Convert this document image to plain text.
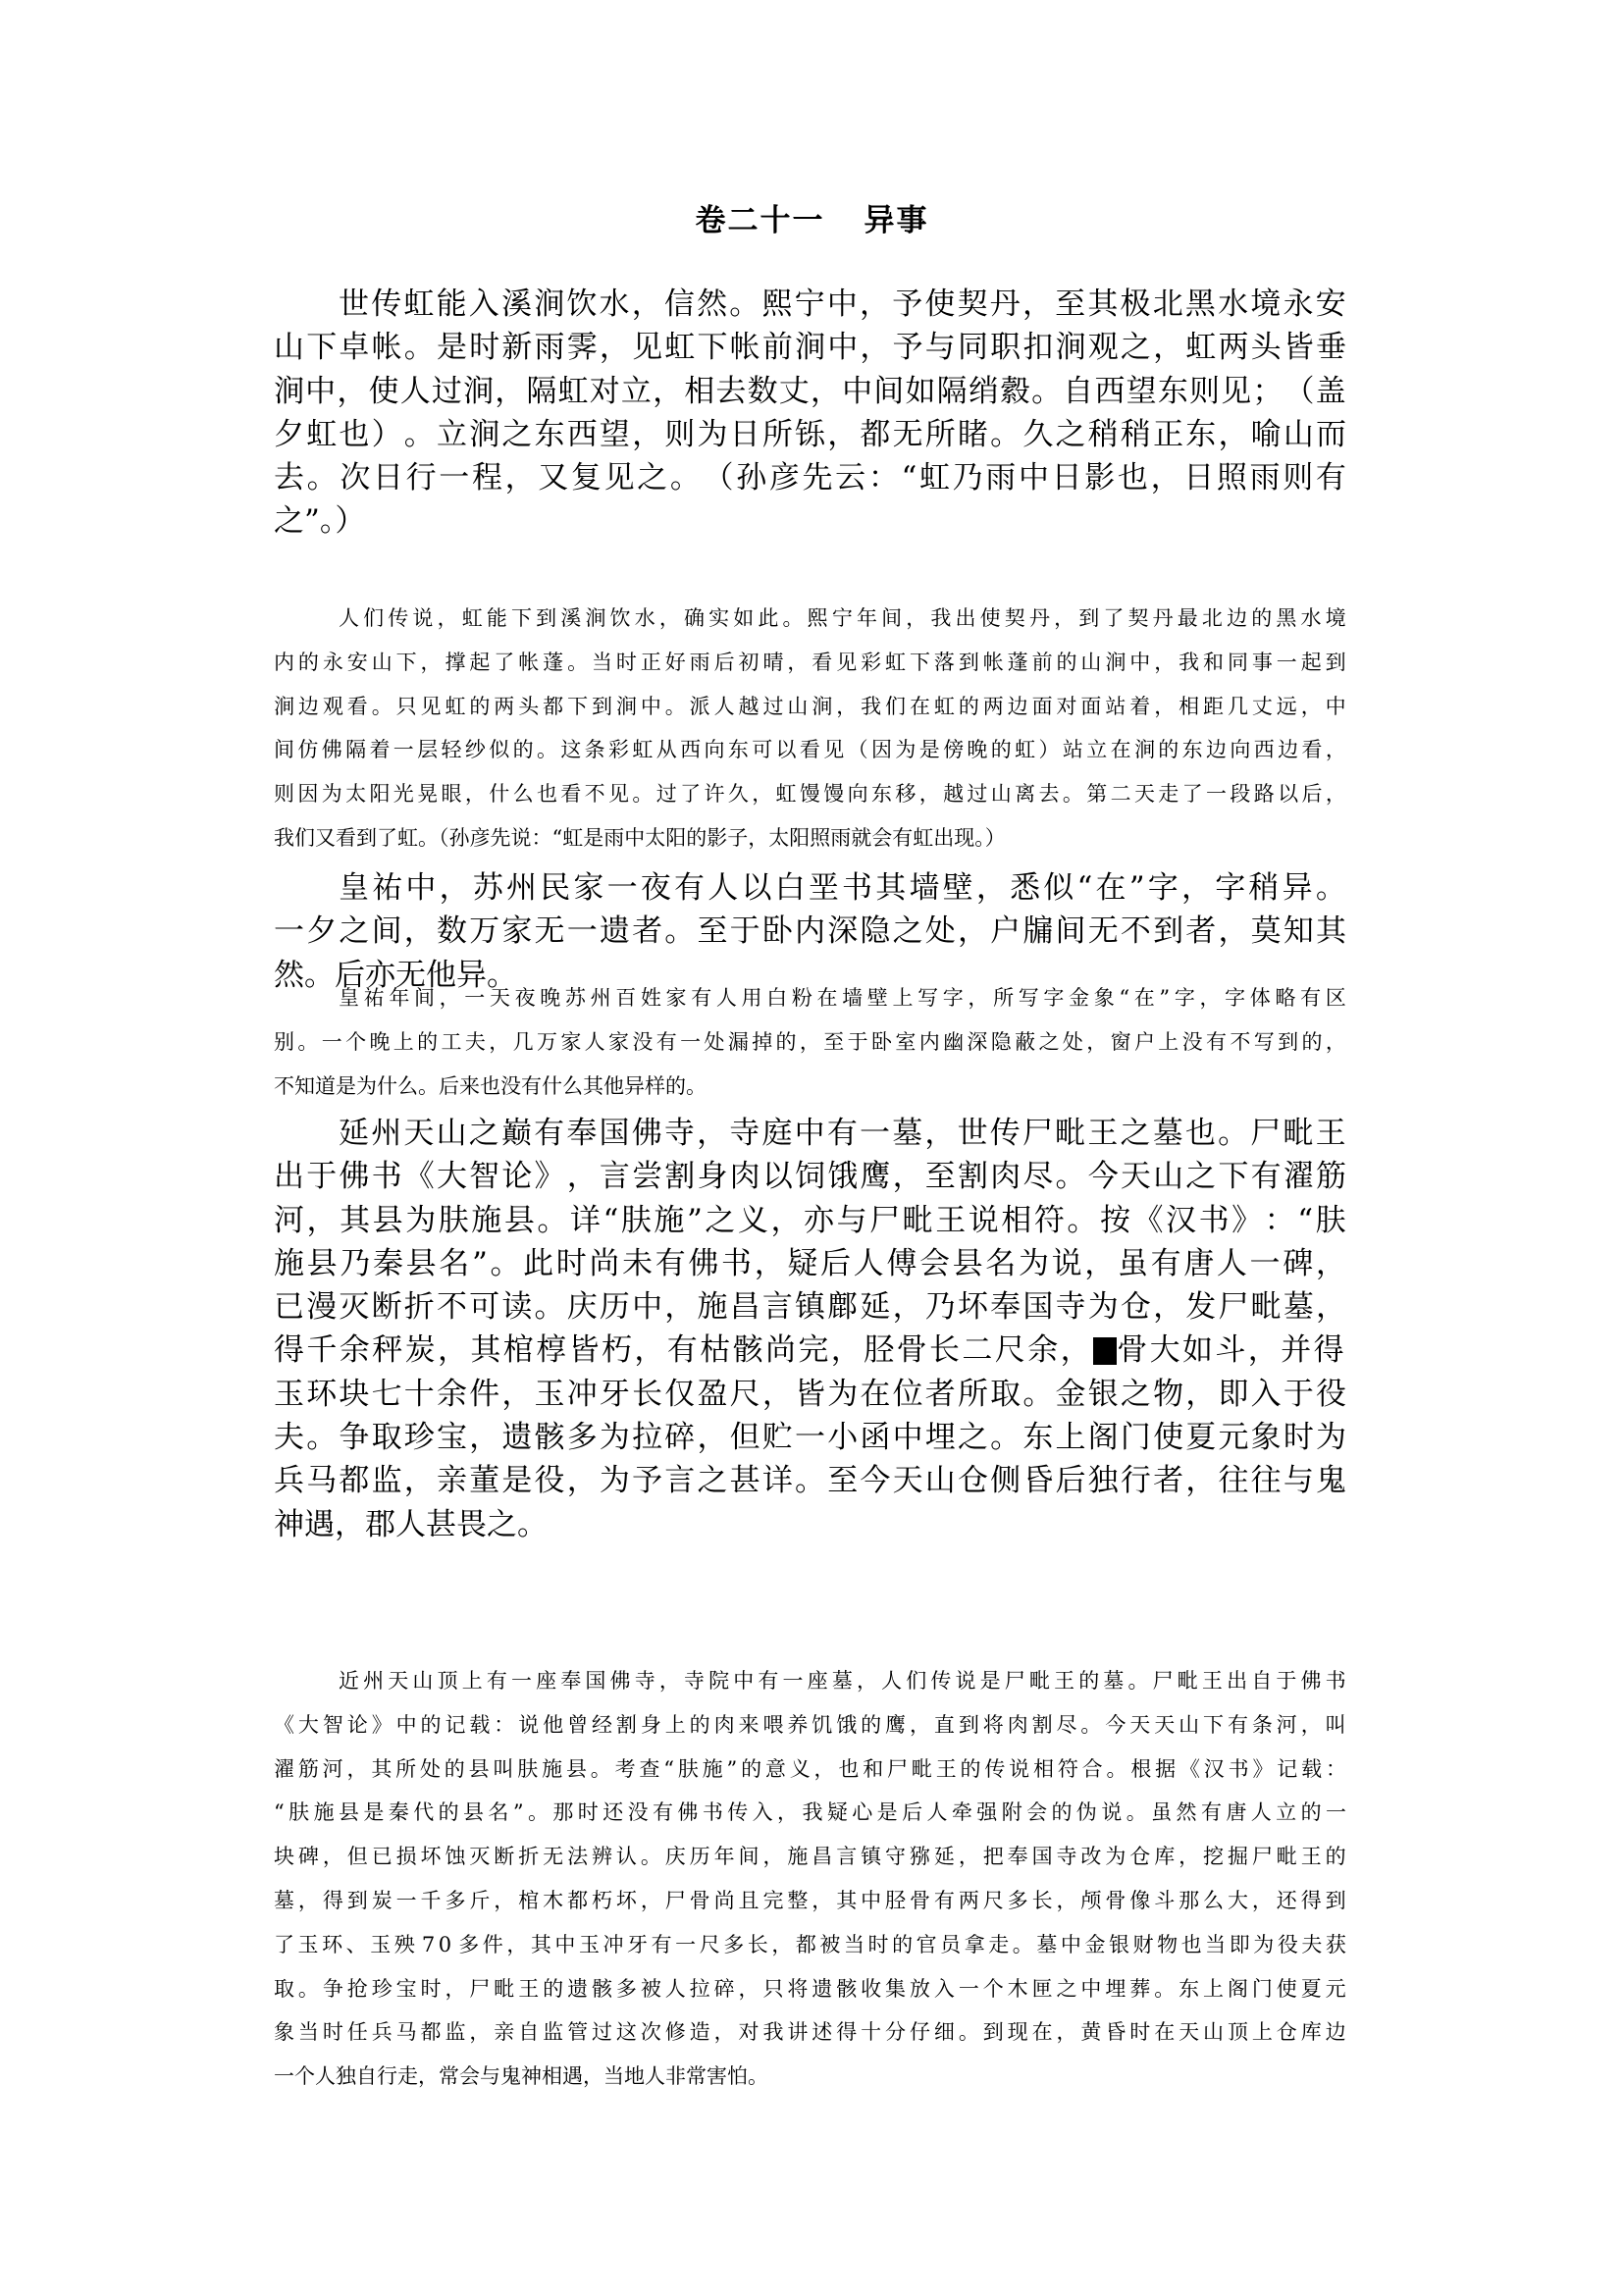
卷二十一 异事
世 传 虹 能 入 溪 涧 饮 水 ， 信 然 。 熙 宁 中 ， 予 使 契 丹 ， 至 其 极 北 黑 水 境 永 安
山 下 卓 帐 。 是 时 新 雨 霁 ， 见 虹 下 帐 前 涧 中 ， 予 与 同 职 扣 涧 观 之 ， 虹 两 头 皆 垂
涧 中 ， 使 人 过 涧 ， 隔 虹 对 立 ， 相 去 数 丈 ， 中 间 如 隔 绡 縠 。 自 西 望 东 则 见 ； （ 盖
夕 虹 也 ） 。 立 涧 之 东 西 望 ， 则 为 日 所 铄 ， 都 无 所 睹 。 久 之 稍 稍 正 东 ， 喻 山 而
去 。 次 日 行 一 程 ， 又 复 见 之 。 （ 孙 彦 先 云 ： “ 虹 乃 雨 中 日 影 也 ， 日 照 雨 则 有
之”。）
人 们 传 说 ， 虹 能 下 到 溪 涧 饮 水 ， 确 实 如 此 。 熙 宁 年 间 ， 我 出 使 契 丹 ， 到 了 契 丹 最 北 边 的 黑 水 境
内 的 永 安 山 下 ， 撑 起 了 帐 蓬 。 当 时 正 好 雨 后 初 晴 ， 看 见 彩 虹 下 落 到 帐 蓬 前 的 山 涧 中 ， 我 和 同 事 一 起 到
涧 边 观 看 。 只 见 虹 的 两 头 都 下 到 涧 中 。 派 人 越 过 山 涧 ， 我 们 在 虹 的 两 边 面 对 面 站 着 ， 相 距 几 丈 远 ， 中
间 仿 佛 隔 着 一 层 轻 纱 似 的 。 这 条 彩 虹 从 西 向 东 可 以 看 见 （ 因 为 是 傍 晚 的 虹 ） 站 立 在 涧 的 东 边 向 西 边 看 ，
则 因 为 太 阳 光 晃 眼 ， 什 么 也 看 不 见 。 过 了 许 久 ， 虹 馒 馒 向 东 移 ， 越 过 山 离 去 。 第 二 天 走 了 一 段 路 以 后 ，
我们又看到了虹。（孙彦先说：“虹是雨中太阳的影子，太阳照雨就会有虹出现。）
皇 祐 中 ， 苏 州 民 家 一 夜 有 人 以 白 垩 书 其 墙 壁 ， 悉 似 “ 在 ” 字 ， 字 稍 异 。
一 夕 之 间 ， 数 万 家 无 一 遗 者 。 至 于 卧 内 深 隐 之 处 ， 户 牖 间 无 不 到 者 ， 莫 知 其
然。后亦无他异。
皇 祐 年 间 ， 一 天 夜 晚 苏 州 百 姓 家 有 人 用 白 粉 在 墙 壁 上 写 字 ， 所 写 字 金 象 “ 在 ” 字 ， 字 体 略 有 区
别 。 一 个 晚 上 的 工 夫 ， 几 万 家 人 家 没 有 一 处 漏 掉 的 ， 至 于 卧 室 内 幽 深 隐 蔽 之 处 ， 窗 户 上 没 有 不 写 到 的 ，
不知道是为什么。后来也没有什么其他异样的。
延 州 天 山 之 巅 有 奉 国 佛 寺 ， 寺 庭 中 有 一 墓 ， 世 传 尸 毗 王 之 墓 也 。 尸 毗 王
出 于 佛 书 《 大 智 论 》 ， 言 尝 割 身 肉 以 饲 饿 鹰 ， 至 割 肉 尽 。 今 天 山 之 下 有 濯 筋
河 ， 其 县 为 肤 施 县 。 详 “ 肤 施 ” 之 义 ， 亦 与 尸 毗 王 说 相 符 。 按 《 汉 书 》 ： “ 肤
施 县 乃 秦 县 名 ” 。 此 时 尚 未 有 佛 书 ， 疑 后 人 傅 会 县 名 为 说 ， 虽 有 唐 人 一 碑 ，
已 漫 灭 断 折 不 可 读 。 庆 历 中 ， 施 昌 言 镇 鄜 延 ， 乃 坏 奉 国 寺 为 仓 ， 发 尸 毗 墓 ，
得千余秤炭，其棺椁皆朽，有枯骸尚完，胫骨长二尺余， 骨大如斗，并得
玉 环 块 七 十 余 件 ， 玉 冲 牙 长 仅 盈 尺 ， 皆 为 在 位 者 所 取 。 金 银 之 物 ， 即 入 于 役
夫 。 争 取 珍 宝 ， 遗 骸 多 为 拉 碎 ， 但 贮 一 小 函 中 埋 之 。 东 上 阁 门 使 夏 元 象 时 为
兵 马 都 监 ， 亲 董 是 役 ， 为 予 言 之 甚 详 。 至 今 天 山 仓 侧 昏 后 独 行 者 ， 往 往 与 鬼
神遇，郡人甚畏之。
近 州 天 山 顶 上 有 一 座 奉 国 佛 寺 ， 寺 院 中 有 一 座 墓 ， 人 们 传 说 是 尸 毗 王 的 墓 。 尸 毗 王 出 自 于 佛 书
《 大 智 论 》 中 的 记 载 ： 说 他 曾 经 割 身 上 的 肉 来 喂 养 饥 饿 的 鹰 ， 直 到 将 肉 割 尽 。 今 天 天 山 下 有 条 河 ， 叫
濯 筋 河 ， 其 所 处 的 县 叫 肤 施 县 。 考 查 “ 肤 施 ” 的 意 义 ， 也 和 尸 毗 王 的 传 说 相 符 合 。 根 据 《 汉 书 》 记 载 ：
“ 肤 施 县 是 秦 代 的 县 名 ” 。 那 时 还 没 有 佛 书 传 入 ， 我 疑 心 是 后 人 牵 强 附 会 的 伪 说 。 虽 然 有 唐 人 立 的 一
块 碑 ， 但 已 损 坏 蚀 灭 断 折 无 法 辨 认 。 庆 历 年 间 ， 施 昌 言 镇 守 猕 延 ， 把 奉 国 寺 改 为 仓 库 ， 挖 掘 尸 毗 王 的
墓 ， 得 到 炭 一 千 多 斤 ， 棺 木 都 朽 坏 ， 尸 骨 尚 且 完 整 ， 其 中 胫 骨 有 两 尺 多 长 ， 颅 骨 像 斗 那 么 大 ， 还 得 到
了 玉 环 、 玉 殃 7 0 多 件 ， 其 中 玉 冲 牙 有 一 尺 多 长 ， 都 被 当 时 的 官 员 拿 走 。 墓 中 金 银 财 物 也 当 即 为 役 夫 获
取 。 争 抢 珍 宝 时 ， 尸 毗 王 的 遗 骸 多 被 人 拉 碎 ， 只 将 遗 骸 收 集 放 入 一 个 木 匣 之 中 埋 葬 。 东 上 阁 门 使 夏 元
象 当 时 任 兵 马 都 监 ， 亲 自 监 管 过 这 次 修 造 ， 对 我 讲 述 得 十 分 仔 细 。 到 现 在 ， 黄 昏 时 在 天 山 顶 上 仓 库 边
一个人独自行走，常会与鬼神相遇，当地人非常害怕。
